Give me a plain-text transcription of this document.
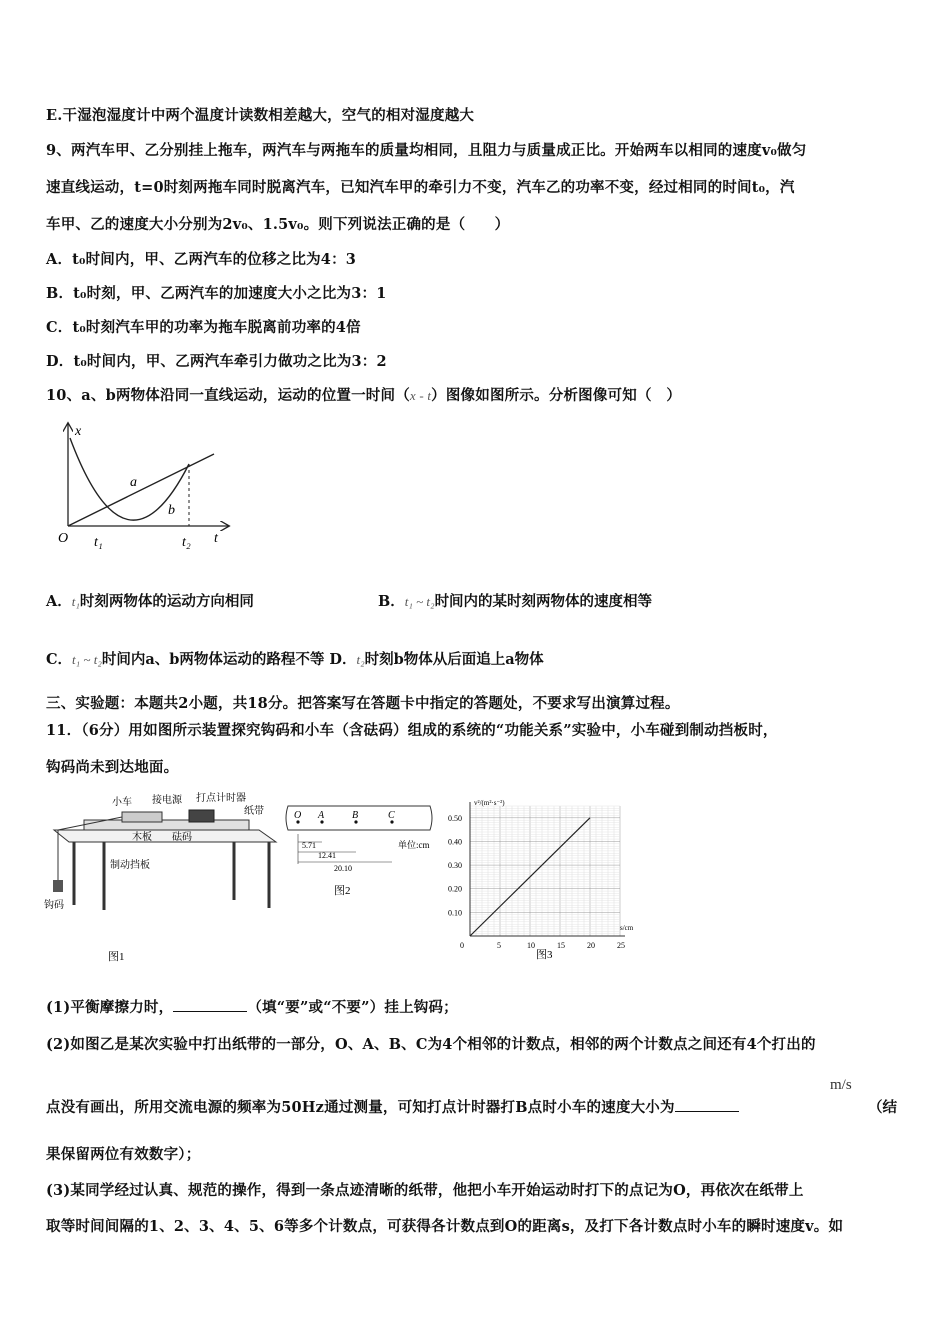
E.干湿泡湿度计中两个温度计读数相差越大，空气的相对湿度越大
9、两汽车甲、乙分别挂上拖车，两汽车与两拖车的质量均相同，且阻力与质量成正比。开始两车以相同的速度v₀做匀
速直线运动，t=0时刻两拖车同时脱离汽车，已知汽车甲的牵引力不变，汽车乙的功率不变，经过相同的时间t₀，汽
车甲、乙的速度大小分别为2v₀、1.5v₀。则下列说法正确的是（　　）
A．t₀时间内，甲、乙两汽车的位移之比为4：3
B．t₀时刻，甲、乙两汽车的加速度大小之比为3：1
C．t₀时刻汽车甲的功率为拖车脱离前功率的4倍
D．t₀时间内，甲、乙两汽车牵引力做功之比为3：2
10、a、b两物体沿同一直线运动，运动的位置一时间（x - t）图像如图所示。分析图像可知（　）
x
O	t
t₁	t₂
a
b
A．t₁时刻两物体的运动方向相同	B．t₁ ~ t₂时间内的某时刻两物体的速度相等
C．t₁ ~ t₂时间内a、b两物体运动的路程不等 D．t₂时刻b物体从后面追上a物体
三、实验题：本题共2小题，共18分。把答案写在答题卡中指定的答题处，不要求写出演算过程。
11．（6分）用如图所示装置探究钩码和小车（含砝码）组成的系统的“功能关系”实验中，小车碰到制动挡板时，
钩码尚未到达地面。
小车 接电源 打点计时器
纸带
木板 砝码
制动挡板
钩码
图1
O A	B	C
5.71
12.41
20.10
单位:cm
图2
0.50
0.40
0.30
0.20
0.10
0	5	10	15	20	25
v²/(m²·s⁻²)
s/cm
图3
(1)平衡摩擦力时，	（填“要”或“不要”）挂上钩码；
(2)如图乙是某次实验中打出纸带的一部分，O、A、B、C为4个相邻的计数点，相邻的两个计数点之间还有4个打出的
点没有画出，所用交流电源的频率为50Hz通过测量，可知打点计时器打B点时小车的速度大小为
m/s
（结
果保留两位有效数字）；
(3)某同学经过认真、规范的操作，得到一条点迹清晰的纸带，他把小车开始运动时打下的点记为O，再依次在纸带上
取等时间间隔的1、2、3、4、5、6等多个计数点，可获得各计数点到O的距离s，及打下各计数点时小车的瞬时速度v。如
